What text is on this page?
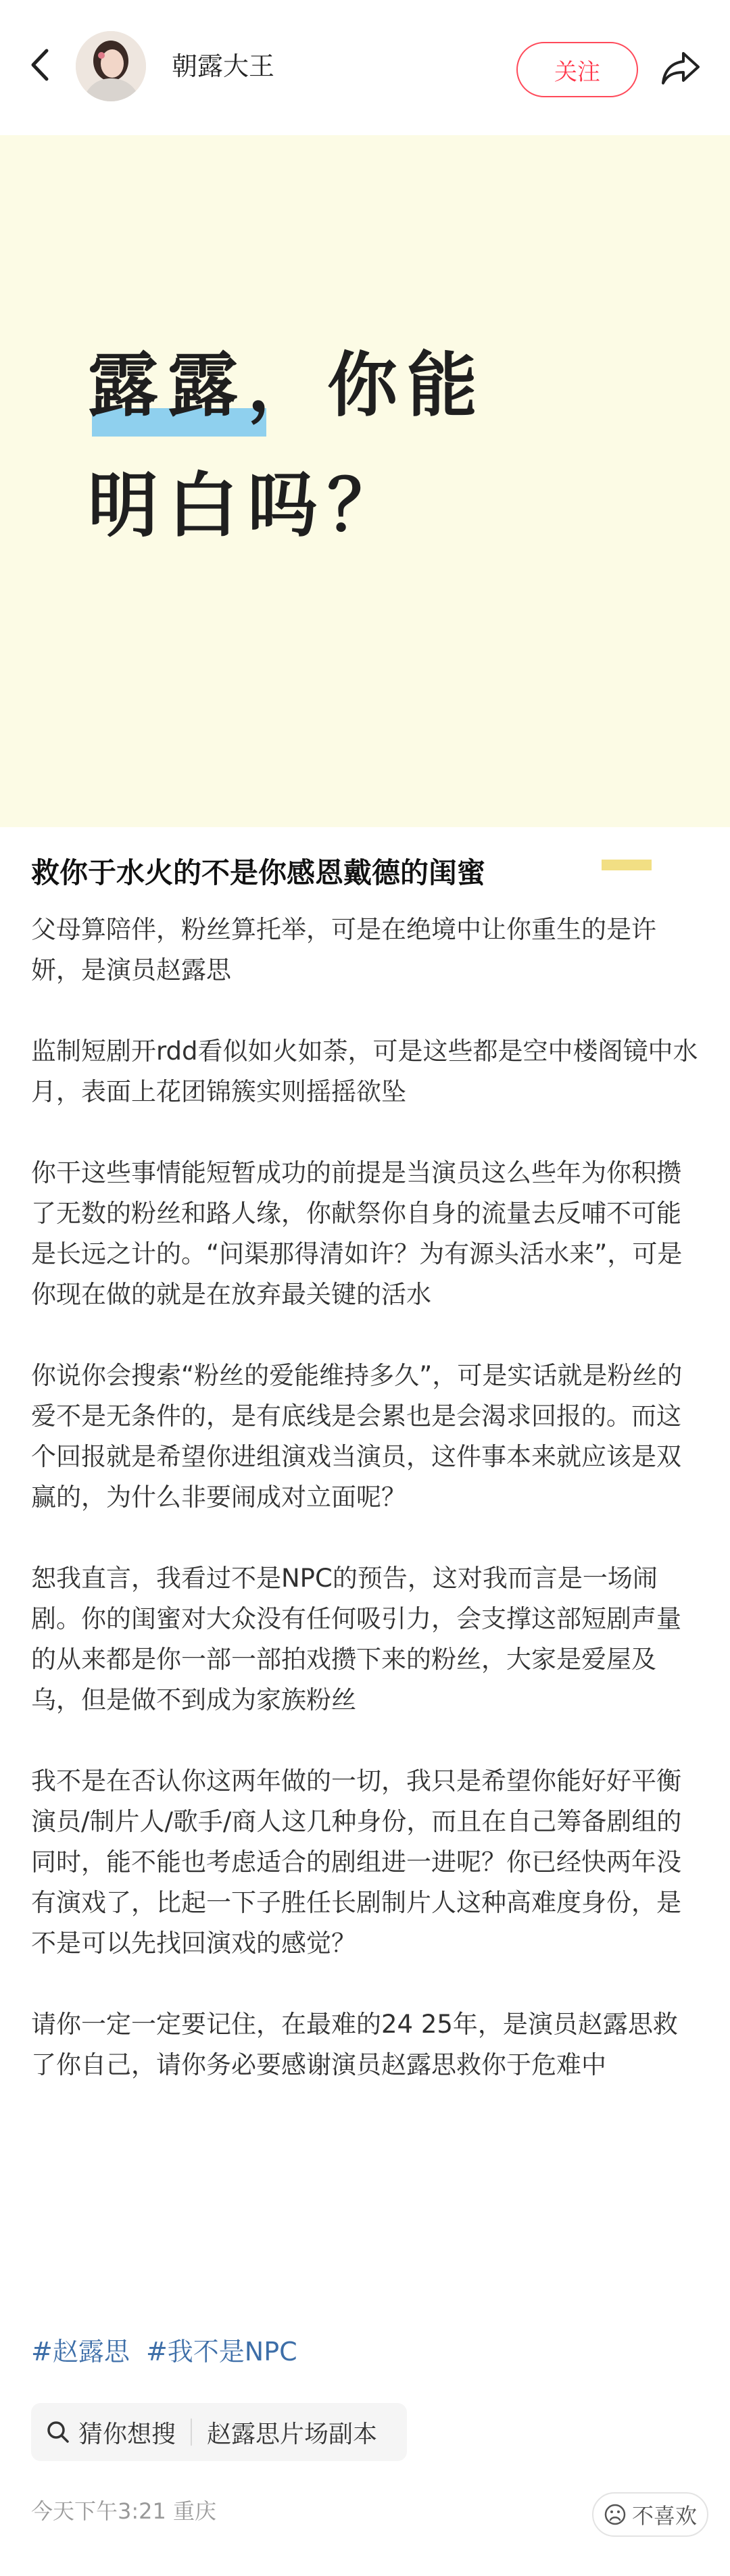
朝露大王	关注
露露，你能
明白吗？
救你于水火的不是你感恩戴德的闺蜜

父母算陪伴，粉丝算托举，可是在绝境中让你重生的是许妍，是演员赵露思

监制短剧开rdd看似如火如荼，可是这些都是空中楼阁镜中水月，表面上花团锦簇实则摇摇欲坠

你干这些事情能短暂成功的前提是当演员这么些年为你积攒了无数的粉丝和路人缘，你献祭你自身的流量去反哺不可能是长远之计的。“问渠那得清如许？为有源头活水来”，可是你现在做的就是在放弃最关键的活水

你说你会搜索“粉丝的爱能维持多久”，可是实话就是粉丝的爱不是无条件的，是有底线是会累也是会渴求回报的。而这个回报就是希望你进组演戏当演员，这件事本来就应该是双赢的，为什么非要闹成对立面呢？

恕我直言，我看过不是NPC的预告，这对我而言是一场闹剧。你的闺蜜对大众没有任何吸引力，会支撑这部短剧声量的从来都是你一部一部拍戏攒下来的粉丝，大家是爱屋及乌，但是做不到成为家族粉丝

我不是在否认你这两年做的一切，我只是希望你能好好平衡演员/制片人/歌手/商人这几种身份，而且在自己筹备剧组的同时，能不能也考虑适合的剧组进一进呢？你已经快两年没有演戏了，比起一下子胜任长剧制片人这种高难度身份，是不是可以先找回演戏的感觉？

请你一定一定要记住，在最难的24 25年，是演员赵露思救了你自己，请你务必要感谢演员赵露思救你于危难中

#赵露思 #我不是NPC
猜你想搜 赵露思片场副本
今天下午3:21 重庆	不喜欢
